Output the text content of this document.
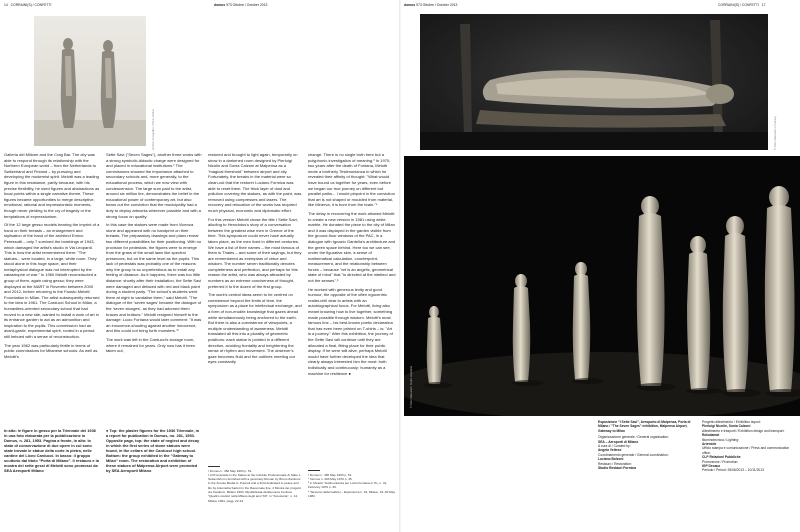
14 CORRAINI(S) / CONFETTI	domus 973 Ottobre / October 2013	domus 973 Ottobre / October 2013	CORRAINI(S) / CONFETTI 17
Archivio Fotografico / Photo archive

Galleria del Milione and the Crag Bar. The city was able to respond through its relationship with the Northern European world – from the Netherlands to Switzerland and Finland – by pursuing and developing the modernist spirit. Melotti was a leading figure in this resistance, partly because, with his precise flexibility, he used figures and abstractions as focal points within a single narrative theme. These figures became opportunities to merge descriptive, emotional, rational and impressionistic moments, though never yielding to the cry of tragedy or the temptations of expressionism.

Of the 12 large gesso models bearing the imprint of a hand on their breasts – an enlargement and stylisation of the hand of the architect Enrico Peressutti – only 7 survived the bombings of 1943, which damaged the artist's studio in Via Leopardi. This is how the artist remembered them: "The statues... were located, in a large, white room. They stood alone in this huge space, and their metaphysical dialogue was not interrupted by the catastrophe of war." In 1960 Melotti reconstructed a group of them, again using gesso; they were displayed at the MART in Rovereto between 2000 and 2012, before returning to the Fausto Melotti Foundation in Milan. The artist subsequently returned to the idea in 1961. The Carducci School in Milan, a humanities-oriented secondary school that had moved to a new site, wanted to install a work of art in its entrance garden to act as an admonition and inspiration to the pupils. This commission had an avant-garde, experimental spirit, rooted in a period still imbued with a sense of reconstruction.

The year 1962 was particularly fertile in terms of public commissions for Milanese schools. As well as Melotti's

In alto: le figure in gesso per la Triennale del 1936 in una foto elaborata per la pubblicazione in Domus, n. 281, 1953. Pagina a fronte, in alto: lo stato di conservazione di due opere in cui sono state trovate le statue della corte in pietra, nelle cantine del Liceo Carducci. In basso: il gruppo scultorio dal titolo "Porta di Milano". Il restauro e la mostra dei sette gessi di Melotti sono promossi da SEA Aeroporti Milano

Sette Savi ("Seven Sages"), another three works with a strong symbolic-didactic charge were designed for and placed in educational institutions.¹ The commissions showed the importance attached to secondary schools and, more generally, to the educational process, which we now view with condescension. The large sum paid to the artist, around six million lire, demonstrates the belief in the educational power of contemporary art, but also bears out the conviction that the municipality had a duty to deploy artworks wherever possible and with a strong focus on quality.

In this case the statues were made from Vicenza stone and appeared with no handprint on their breasts. The preparatory drawings and plans reveal two different possibilities for their positioning. With no provision for pedestals, the figures were to emerge from the grass of the small lawn like spectral presences, but on the same level as the pupils. This lack of pedestals was probably one of the reasons why the group is so unpretentious as to entail any feeling of distance. As it happens, there was too little distance: shortly after their installation, the Sette Savi were damaged and defaced with red and black paint during a student party. "The school's students went there at night to vandalise them," said Melotti. "The dialogue of the 'seven sages' became the dialogue of the 'seven stooges', as they had adorned them braces and buttons." Melotti resigned himself to the damage: Lucio Fontana would later comment: "It was an innocence-shouting against another innocence, and this could not bring forth monsters."²

The work was left in the Carducci's storage room, where it remained for years. Only now has it been taken out,

● Top: the plaster figures for the 1936 Triennale, in a report for publication in Domus, no. 281, 1953. Opposite page, top: the state of neglect and decay in which the first series of stone statues were found, in the cellars of the Carducci high school. Bottom: the group exhibited in the "Gateway to Milan" room. The restoration and exhibition of these statues of Malpensa Airport were promoted by SEA Aeroporti Milano

restored and brought to light again, temporarily on show in a darkened room designed by Pierluigi Nicolin and Sonia Calzoni at Malpensa as a "magical threshold" between airport and city. Fortunately, the breaks in the material were so clean-cut that the restorer Luciano Formica was able to reset them. The thick layer of dust and pollution covering the statues, as with the paint, was removed using compresses and lasers. The recovery and relocation of the works has required much physical, economic and diplomatic effort.

For this version Melotti chose the title I Sette Savi, alluding to Herodotus's story of a conversation between the greatest wise men in Greece of the time. This symposium could never have actually taken place, as the men lived in different centuries. We have a list of their names – the most famous of them is Thales – and some of their sayings, but they are remembered as exemplars of virtue and wisdom. The number seven traditionally denotes completeness and perfection, and perhaps for this reason the artist, who was always attracted by numbers as an extreme conciseness of thought, preferred it to the dozen of the first group.

The work's central ideas seem to be centred on coexistence beyond the limits of time, the symposium as a place for intellectual exchange, and a form of non-erudite knowledge that gazes ahead while simultaneously being anchored to the earth. But there is also a coexistence of viewpoints, a multiple understanding of awareness. Melotti translated all this into a plurality of geometric positions: each statue is pointed in a different direction, avoiding frontality and heightening the sense of rhythm and movement. The observer's gaze becomes fluid and the outlines meeting our eyes constantly

¹ Domus n. 450 May 1963 p. 51.
² A Promenade in the Statue at the Institute Professionale di Stato L. Settembrini is furnished with a genuinely Roman by Bruno Zamboni in the Scuola Media G. Pascoli and a third dedicated to peace and life by Antonietta Sartori in the Ravennate line, 2 Mostra dei progetti, via Carducci, Milano 1994. Ripubblicata da Eleonora Centura "Quattro scultori nella Milano degli anni '60", in "Fotostoria", n. 14, Milano 1994, pagg. 22-24

change. There is no single truth here but a polyphonic investigation of meaning.³ In 1970, two years after the death of Fontana, Melotti wrote a brotherly Testimonianza in which he revealed their affinity of thought: "What would have bound us together for years, even before we began our true journey on different but parallel paths... I would pinpoint in the conviction that art is not shaped or moulded from material, like Minerva, it is born from the brain."⁴

The delay in recovering the work allowed Melotti to create a new version in 1981 using white marble. He donated the piece to the city of Milan and it was displayed in the garden visible from the ground-floor windows of the PAC, in a dialogue with Ignazio Gardella's architecture and the green space behind. Here too we can see, under the figurative skin, a sense of mathematical calculation, counterpoint, measurement, and the relationship between forces – because "art is an angelic, geometrical state of mind" that "is directed at the intellect and not the senses".⁵

He worked with generous levity and good humour, the opposite of the often egocentric realist-chill dear to artists with an autobiographical focus. For Melotti, living also meant knowing how to live together, something made possible through wisdom. Melotti's most famous line – his best-known poetic declaration that has even been printed on T-shirts – is: "Art is a journey." After this exhibition, the journey of the Sette Savi will continue until they are allocated a final, fitting place for their public display. If he were still alive, perhaps Melotti would have further developed the idea that clearly always interested him the most: both holistically and continuously: humanity as a machine for resilience ●

³ Domus n. 450 May 1963 p. 51.
⁴ Domus n. 493 May 1970 p. 35.
⁵ F. Melotti, Testimonianza per Lucio Fontana in Hs, n. 31, February 1970 p. 36.
⁶ Taccuino della Gabriel – Esperienza n. 64, Milano, 15–30 May 1984

© Piero Mascaretti / Courtesy
© Piero Mascaretti, Studio Hopeland

Esposizione "I Sette Savi", Aeroporto di Malpensa, Porta di Milano / "The Seven Sages" exhibition, Malpensa Airport, Gateway to Milan

Organizzazione generale / General organisation:

SEA – Aeroporti di Milano

A cura di / Curated by:

Angela Vettese

Coordinamento generale / General coordination:

Luciano Bolzoni

Restauro / Restoration:

Studio Restauri Formica

Progetto allestimento / Exhibition layout:

Pierluigi Nicolin, Sonia Calzoni

Allestimento e trasporti / Exhibition design and transport:

Rotodamat

Illuminotecnica / Lighting:

Artemide

Ufficio stampa e comunicazione / Press and communication office:

CLP Relazioni Pubbliche

Promozione / Promotion:

IGP Decaux

Periodo / Period:

26/06/2013 – 10/11/2013
